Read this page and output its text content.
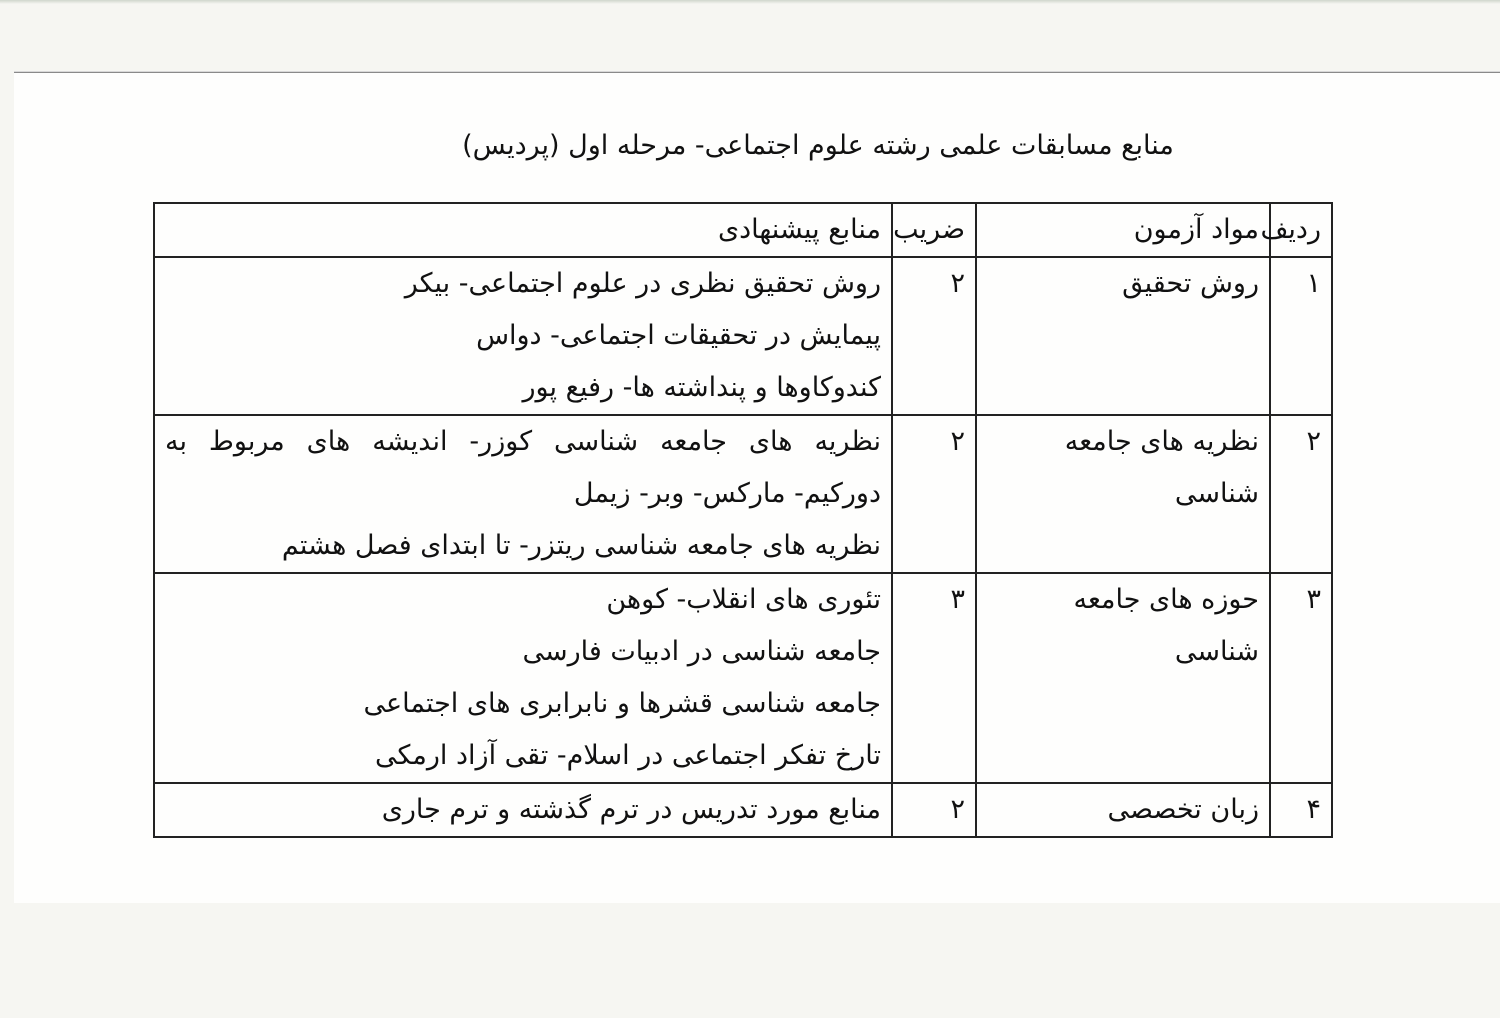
منابع مسابقات علمی رشته علوم اجتماعی- مرحله اول (پردیس)
ردیف	مواد آزمون	ضریب	منابع پیشنهادی
۱	روش تحقیق	۲	روش تحقیق نظری در علوم اجتماعی- بیکر
پیمایش در تحقیقات اجتماعی- دواس
کندوکاوها و پنداشته ها- رفیع پور

۲	نظریه های جامعه شناسی	۲	نظریه های جامعه شناسی کوزر- اندیشه های مربوط به
دورکیم- مارکس- وبر- زیمل
نظریه های جامعه شناسی ریتزر- تا ابتدای فصل هشتم

۳	حوزه های جامعه شناسی	۳	تئوری های انقلاب- کوهن
جامعه شناسی در ادبیات فارسی
جامعه شناسی قشرها و نابرابری های اجتماعی
تارخ تفکر اجتماعی در اسلام- تقی آزاد ارمکی

۴	زبان تخصصی	۲	منابع مورد تدریس در ترم گذشته و ترم جاری
